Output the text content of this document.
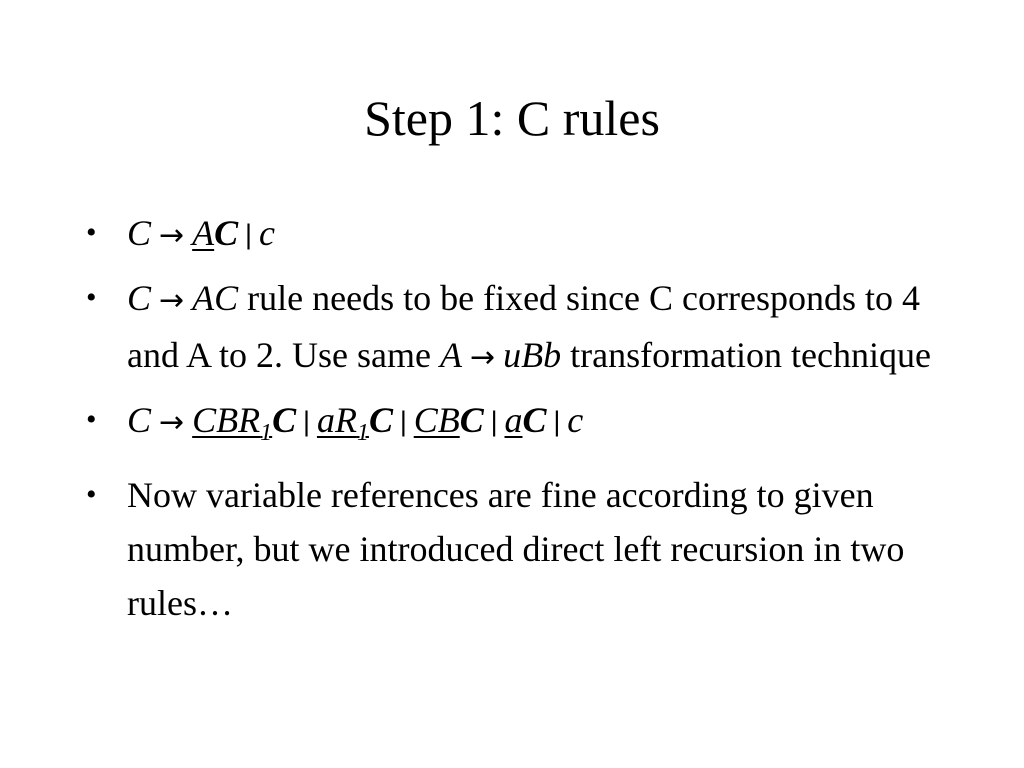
Step 1: C rules
• C → AC | c
• C → AC rule needs to be fixed since C corresponds to 4 and A to 2. Use same A → uBb transformation technique
• $C \to CBR_1C$ | $aR_1C$ | CBC | aC | c
• Now variable references are fine according to given number, but we introduced direct left recursion in two rules…
